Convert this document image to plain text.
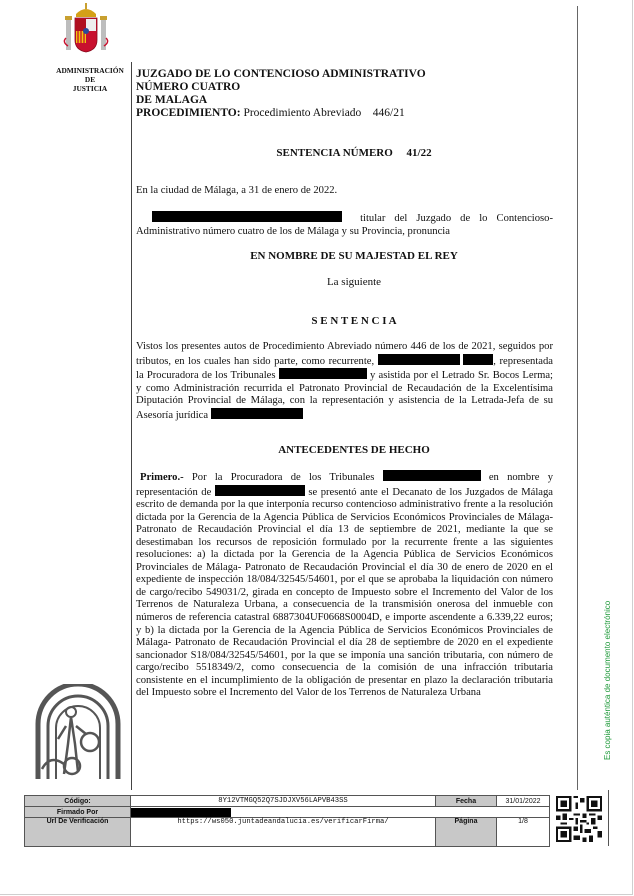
ADMINISTRACIÓN
DE
JUSTICIA
JUZGADO DE LO CONTENCIOSO ADMINISTRATIVO
NÚMERO CUATRO
DE MALAGA
PROCEDIMIENTO: Procedimiento Abreviado    446/21
SENTENCIA NÚMERO     41/22
En la ciudad de Málaga, a 31 de enero de 2022.
titular del Juzgado de lo Contencioso- Administrativo número cuatro de los de Málaga y su Provincia, pronuncia
EN NOMBRE DE SU MAJESTAD EL REY
La siguiente
S E N T E N C I A
Vistos los presentes autos de Procedimiento Abreviado número 446 de los de 2021, seguidos por tributos, en los cuales han sido parte, como recurrente,	, representada la Procuradora de los Tribunales	y asistida por el Letrado Sr. Bocos Lerma; y como Administración recurrida el Patronato Provincial de Recaudación de la Excelentísima Diputación Provincial de Málaga, con la representación y asistencia de la Letrada-Jefa de su Asesoría jurídica
ANTECEDENTES DE HECHO
Primero.- Por la Procuradora de los Tribunales	en nombre y representación de	se presentó ante el Decanato de los Juzgados de Málaga escrito de demanda por la que interponía recurso contencioso administrativo frente a la resolución dictada por la Gerencia de la Agencia Pública de Servicios Económicos Provinciales de Málaga- Patronato de Recaudación Provincial el día 13 de septiembre de 2021, mediante la que se desestimaban los recursos de reposición formulado por la recurrente frente a las siguientes resoluciones: a) la dictada por la Gerencia de la Agencia Pública de Servicios Económicos Provinciales de Málaga- Patronato de Recaudación Provincial el día 30 de enero de 2020 en el expediente de inspección 18/084/32545/54601, por el que se aprobaba la liquidación con número de cargo/recibo 549031/2, girada en concepto de Impuesto sobre el Incremento del Valor de los Terrenos de Naturaleza Urbana, a consecuencia de la transmisión onerosa del inmueble con números de referencia catastral 6887304UF0668S0004D, e importe ascendente a 6.339,22 euros; y b) la dictada por la Gerencia de la Agencia Pública de Servicios Económicos Provinciales de Málaga- Patronato de Recaudación Provincial el día 28 de septiembre de 2020 en el expediente sancionador S18/084/32545/54601, por la que se imponía una sanción tributaria, con número de cargo/recibo 5518349/2, como consecuencia de la comisión de una infracción tributaria consistente en el incumplimiento de la obligación de presentar en plazo la declaración tributaria del Impuesto sobre el Incremento del Valor de los Terrenos de Naturaleza Urbana	Es copia auténtica de documento electrónico
Código:	8Y12VTMGQ52Q7SJDJXV56LAPVB43SS	Fecha	31/01/2022
Firmado Por			

Url De Verificación	https://ws050.juntadeandalucia.es/verificarFirma/	Página	1/8
